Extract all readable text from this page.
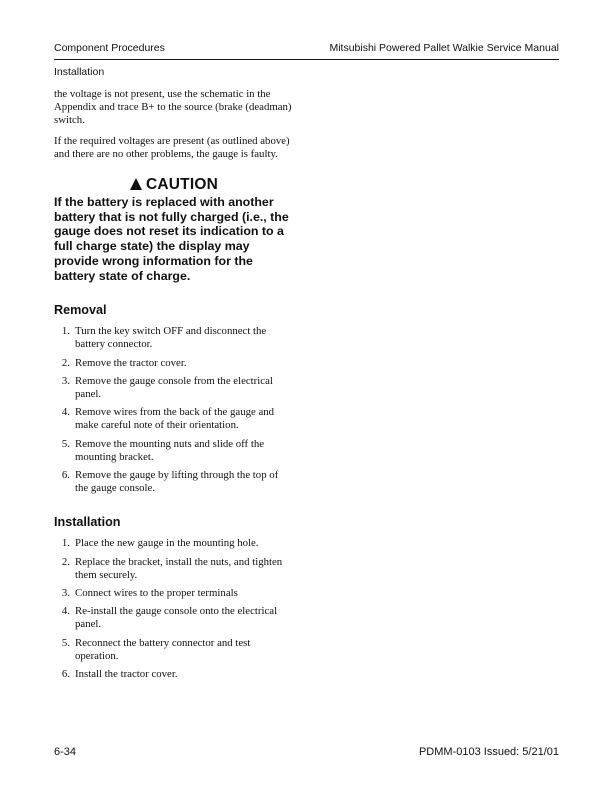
Component Procedures	Mitsubishi Powered Pallet Walkie Service Manual
Installation

the voltage is not present, use the schematic in the Appendix and trace B+ to the source (brake (deadman) switch.

If the required voltages are present (as outlined above) and there are no other problems, the gauge is faulty.

CAUTION
If the battery is replaced with another battery that is not fully charged (i.e., the gauge does not reset its indication to a full charge state) the display may provide wrong information for the battery state of charge.
Removal
1. Turn the key switch OFF and disconnect the battery connector.
2. Remove the tractor cover.
3. Remove the gauge console from the electrical panel.
4. Remove wires from the back of the gauge and make careful note of their orientation.
5. Remove the mounting nuts and slide off the mounting bracket.
6. Remove the gauge by lifting through the top of the gauge console.
Installation
1. Place the new gauge in the mounting hole.
2. Replace the bracket, install the nuts, and tighten them securely.
3. Connect wires to the proper terminals
4. Re-install the gauge console onto the electrical panel.
5. Reconnect the battery connector and test operation.
6. Install the tractor cover.
6-34	PDMM-0103 Issued: 5/21/01
